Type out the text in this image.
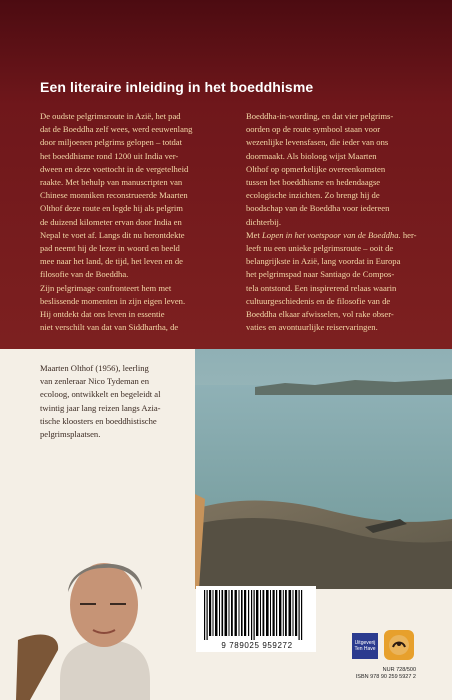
Een literaire inleiding in het boeddhisme

De oudste pelgrimsroute in Azië, het pad

dat de Boeddha zelf wees, werd eeuwenlang

door miljoenen pelgrims gelopen – totdat

het boeddhisme rond 1200 uit India ver-

dween en deze voettocht in de vergetelheid

raakte. Met behulp van manuscripten van

Chinese monniken reconstrueerde Maarten

Olthof deze route en legde hij als pelgrim

de duizend kilometer ervan door India en

Nepal te voet af. Langs dit nu herontdekte

pad neemt hij de lezer in woord en beeld

mee naar het land, de tijd, het leven en de

filosofie van de Boeddha.

Zijn pelgrimage confronteert hem met

beslissende momenten in zijn eigen leven.

Hij ontdekt dat ons leven in essentie

niet verschilt van dat van Siddhartha, de

Boeddha-in-wording, en dat vier pelgrims-

oorden op de route symbool staan voor

wezenlijke levensfasen, die ieder van ons

doormaakt. Als bioloog wijst Maarten

Olthof op opmerkelijke overeenkomsten

tussen het boeddhisme en hedendaagse

ecologische inzichten. Zo brengt hij de

boodschap van de Boeddha voor iedereen

dichterbij.

Met Lopen in het voetspoor van de Boeddha. her-

leeft nu een unieke pelgrimsroute – ooit de

belangrijkste in Azië, lang voordat in Europa

het pelgrimspad naar Santiago de Compos-

tela ontstond. Een inspirerend relaas waarin

cultuurgeschiedenis en de filosofie van de

Boeddha elkaar afwisselen, vol rake obser-

vaties en avontuurlijke reiservaringen.

Maarten Olthof (1956), leerling
van zenleraar Nico Tydeman en
ecoloog, ontwikkelt en begeleidt al
twintig jaar lang reizen langs Azia-
tische kloosters en boeddhistische
pelgrimsplaatsen.
9 789025 959272	Uitgeverij
Ten Have
NUR 728/500
ISBN 978 90 259 5927 2
